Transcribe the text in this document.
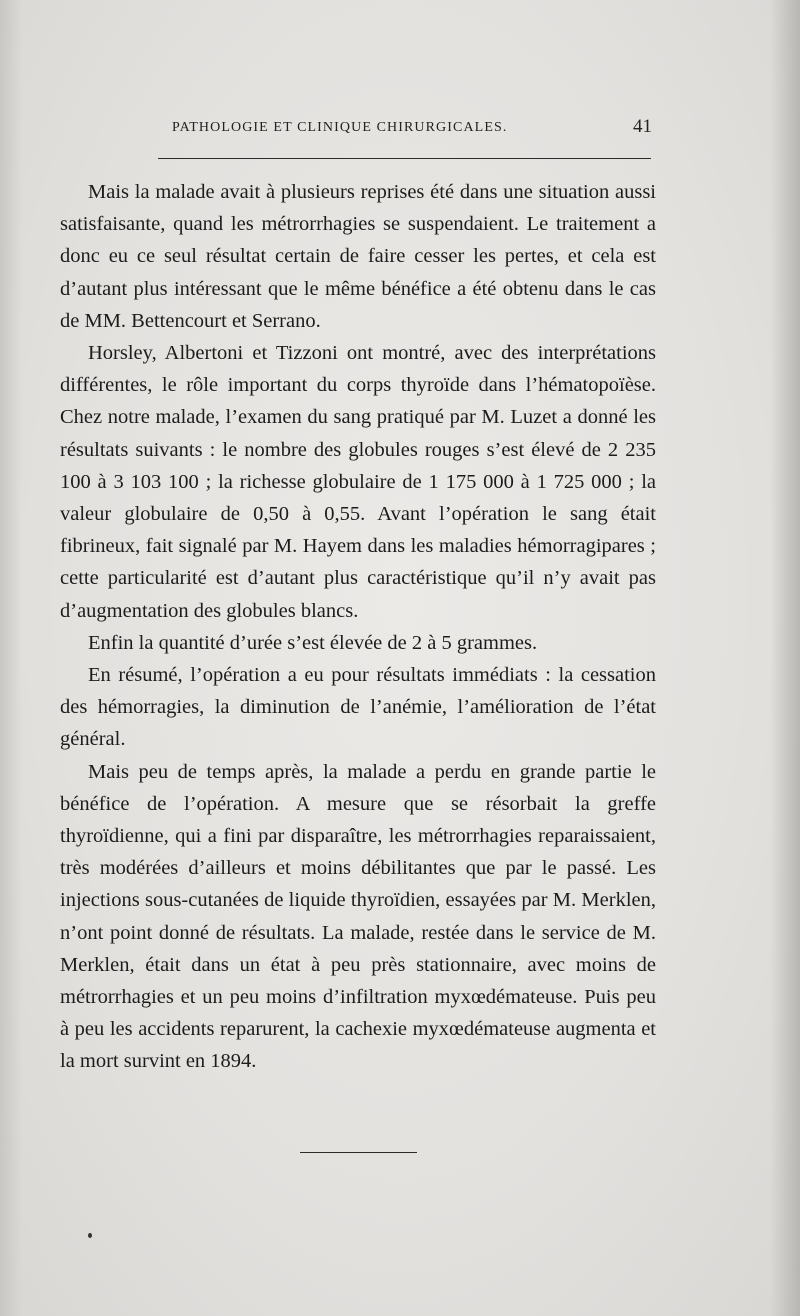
PATHOLOGIE ET CLINIQUE CHIRURGICALES.	41

Mais la malade avait à plusieurs reprises été dans une situation aussi satisfaisante, quand les métrorrhagies se suspendaient. Le traitement a donc eu ce seul résultat certain de faire cesser les pertes, et cela est d’autant plus intéressant que le même bénéfice a été obtenu dans le cas de MM. Bettencourt et Serrano.

Horsley, Albertoni et Tizzoni ont montré, avec des interprétations différentes, le rôle important du corps thyroïde dans l’hématopoïèse. Chez notre malade, l’examen du sang pratiqué par M. Luzet a donné les résultats suivants : le nombre des globules rouges s’est élevé de 2 235 100 à 3 103 100 ; la richesse globulaire de 1 175 000 à 1 725 000 ; la valeur globulaire de 0,50 à 0,55. Avant l’opération le sang était fibrineux, fait signalé par M. Hayem dans les maladies hémorragipares ; cette particularité est d’autant plus caractéristique qu’il n’y avait pas d’augmentation des globules blancs.

Enfin la quantité d’urée s’est élevée de 2 à 5 grammes.

En résumé, l’opération a eu pour résultats immédiats : la cessation des hémorragies, la diminution de l’anémie, l’amélioration de l’état général.

Mais peu de temps après, la malade a perdu en grande partie le bénéfice de l’opération. A mesure que se résorbait la greffe thyroïdienne, qui a fini par disparaître, les métrorrhagies reparaissaient, très modérées d’ailleurs et moins débilitantes que par le passé. Les injections sous-cutanées de liquide thyroïdien, essayées par M. Merklen, n’ont point donné de résultats. La malade, restée dans le service de M. Merklen, était dans un état à peu près stationnaire, avec moins de métrorrhagies et un peu moins d’infiltration myxœdémateuse. Puis peu à peu les accidents reparurent, la cachexie myxœdémateuse augmenta et la mort survint en 1894.
